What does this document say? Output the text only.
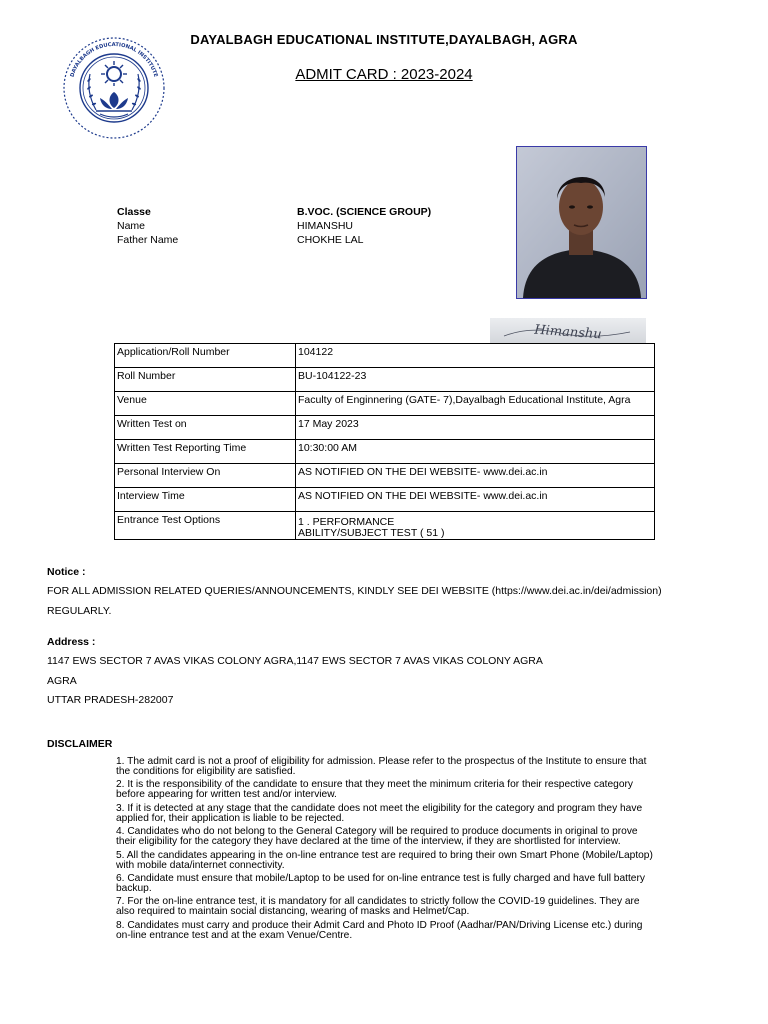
DAYALBAGH EDUCATIONAL INSTITUTE
DAYALBAGH EDUCATIONAL INSTITUTE,DAYALBAGH, AGRA
ADMIT CARD : 2023-2024
Himanshu
Classe	B.VOC. (SCIENCE GROUP)
Name	HIMANSHU
Father Name	CHOKHE LAL
Application/Roll Number	104122
Roll Number	BU-104122-23
Venue	Faculty of Enginnering (GATE- 7),Dayalbagh Educational Institute, Agra
Written Test on	17 May 2023
Written Test Reporting Time	10:30:00 AM
Personal Interview On	AS NOTIFIED ON THE DEI WEBSITE- www.dei.ac.in
Interview Time	AS NOTIFIED ON THE DEI WEBSITE- www.dei.ac.in
Entrance Test Options	1 . PERFORMANCE
ABILITY/SUBJECT TEST ( 51 )
Notice :
FOR ALL ADMISSION RELATED QUERIES/ANNOUNCEMENTS, KINDLY SEE DEI WEBSITE (https://www.dei.ac.in/dei/admission)
REGULARLY.
Address :
1147 EWS SECTOR 7 AVAS VIKAS COLONY AGRA,1147 EWS SECTOR 7 AVAS VIKAS COLONY AGRA
AGRA
UTTAR PRADESH-282007
DISCLAIMER
1. The admit card is not a proof of eligibility for admission. Please refer to the prospectus of the Institute to ensure that the conditions for eligibility are satisfied.
2. It is the responsibility of the candidate to ensure that they meet the minimum criteria for their respective category before appearing for written test and/or interview.
3. If it is detected at any stage that the candidate does not meet the eligibility for the category and program they have applied for, their application is liable to be rejected.
4. Candidates who do not belong to the General Category will be required to produce documents in original to prove their eligibility for the category they have declared at the time of the interview, if they are shortlisted for interview.
5. All the candidates appearing in the on-line entrance test are required to bring their own Smart Phone (Mobile/Laptop) with mobile data/internet connectivity.
6. Candidate must ensure that mobile/Laptop to be used for on-line entrance test is fully charged and have full battery backup.
7. For the on-line entrance test, it is mandatory for all candidates to strictly follow the COVID-19 guidelines. They are also required to maintain social distancing, wearing of masks and Helmet/Cap.
8. Candidates must carry and produce their Admit Card and Photo ID Proof (Aadhar/PAN/Driving License etc.) during on-line entrance test and at the exam Venue/Centre.
